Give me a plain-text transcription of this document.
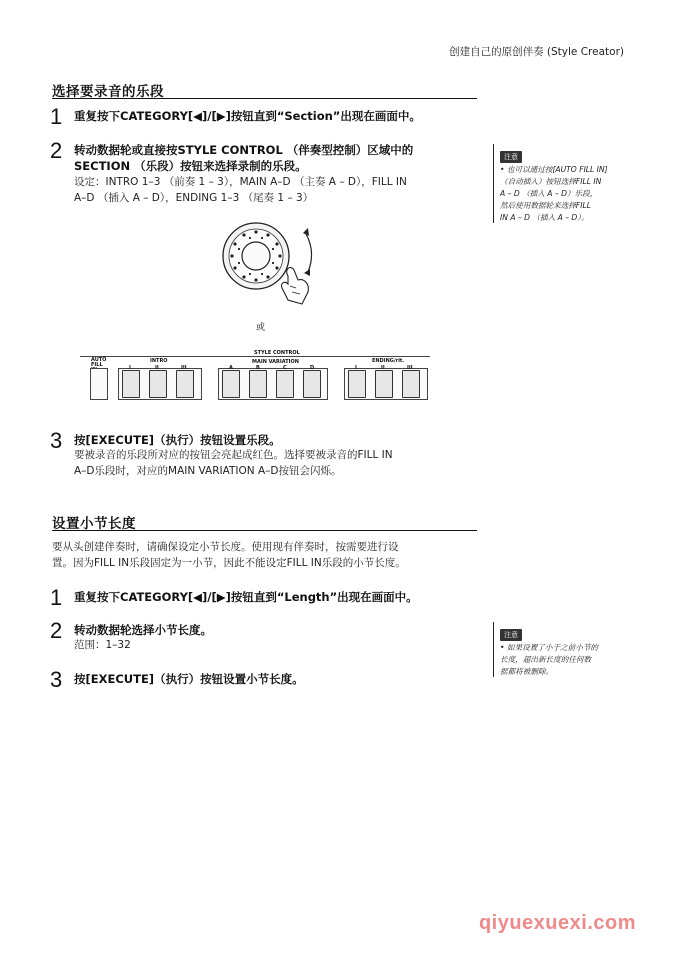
创建自己的原创伴奏 (Style Creator)
选择要录音的乐段
1 重复按下CATEGORY[◀]/[▶]按钮直到“Section”出现在画面中。
2 转动数据轮或直接按STYLE CONTROL （伴奏型控制）区域中的
SECTION （乐段）按钮来选择录制的乐段。
设定：INTRO 1–3 （前奏 1 – 3），MAIN A–D （主奏 A – D），FILL IN
A–D （插入 A – D），ENDING 1–3 （尾奏 1 – 3）
注意
• 也可以通过按[AUTO FILL IN]
（自动插入）按钮选择FILL IN
A – D （插入 A – D）乐段，
然后使用数据轮来选择FILL
IN A – D （插入 A – D）。
或
STYLE CONTROL
MAIN VARIATION
AUTO FILL
INTRO	ENDING/rit.
I	II	III	A	B	C	D	I	II	III
3 按[EXECUTE]（执行）按钮设置乐段。
要被录音的乐段所对应的按钮会亮起成红色。选择要被录音的FILL IN
A–D乐段时，对应的MAIN VARIATION A–D按钮会闪烁。
设置小节长度
要从头创建伴奏时，请确保设定小节长度。使用现有伴奏时，按需要进行设
置。因为FILL IN乐段固定为一小节，因此不能设定FILL IN乐段的小节长度。
1 重复按下CATEGORY[◀]/[▶]按钮直到“Length”出现在画面中。
2 转动数据轮选择小节长度。
范围：1–32
3 按[EXECUTE]（执行）按钮设置小节长度。
注意
• 如果设置了小于之前小节的
长度，超出新长度的任何数
据都将被删除。
qiyuexuexi.com
